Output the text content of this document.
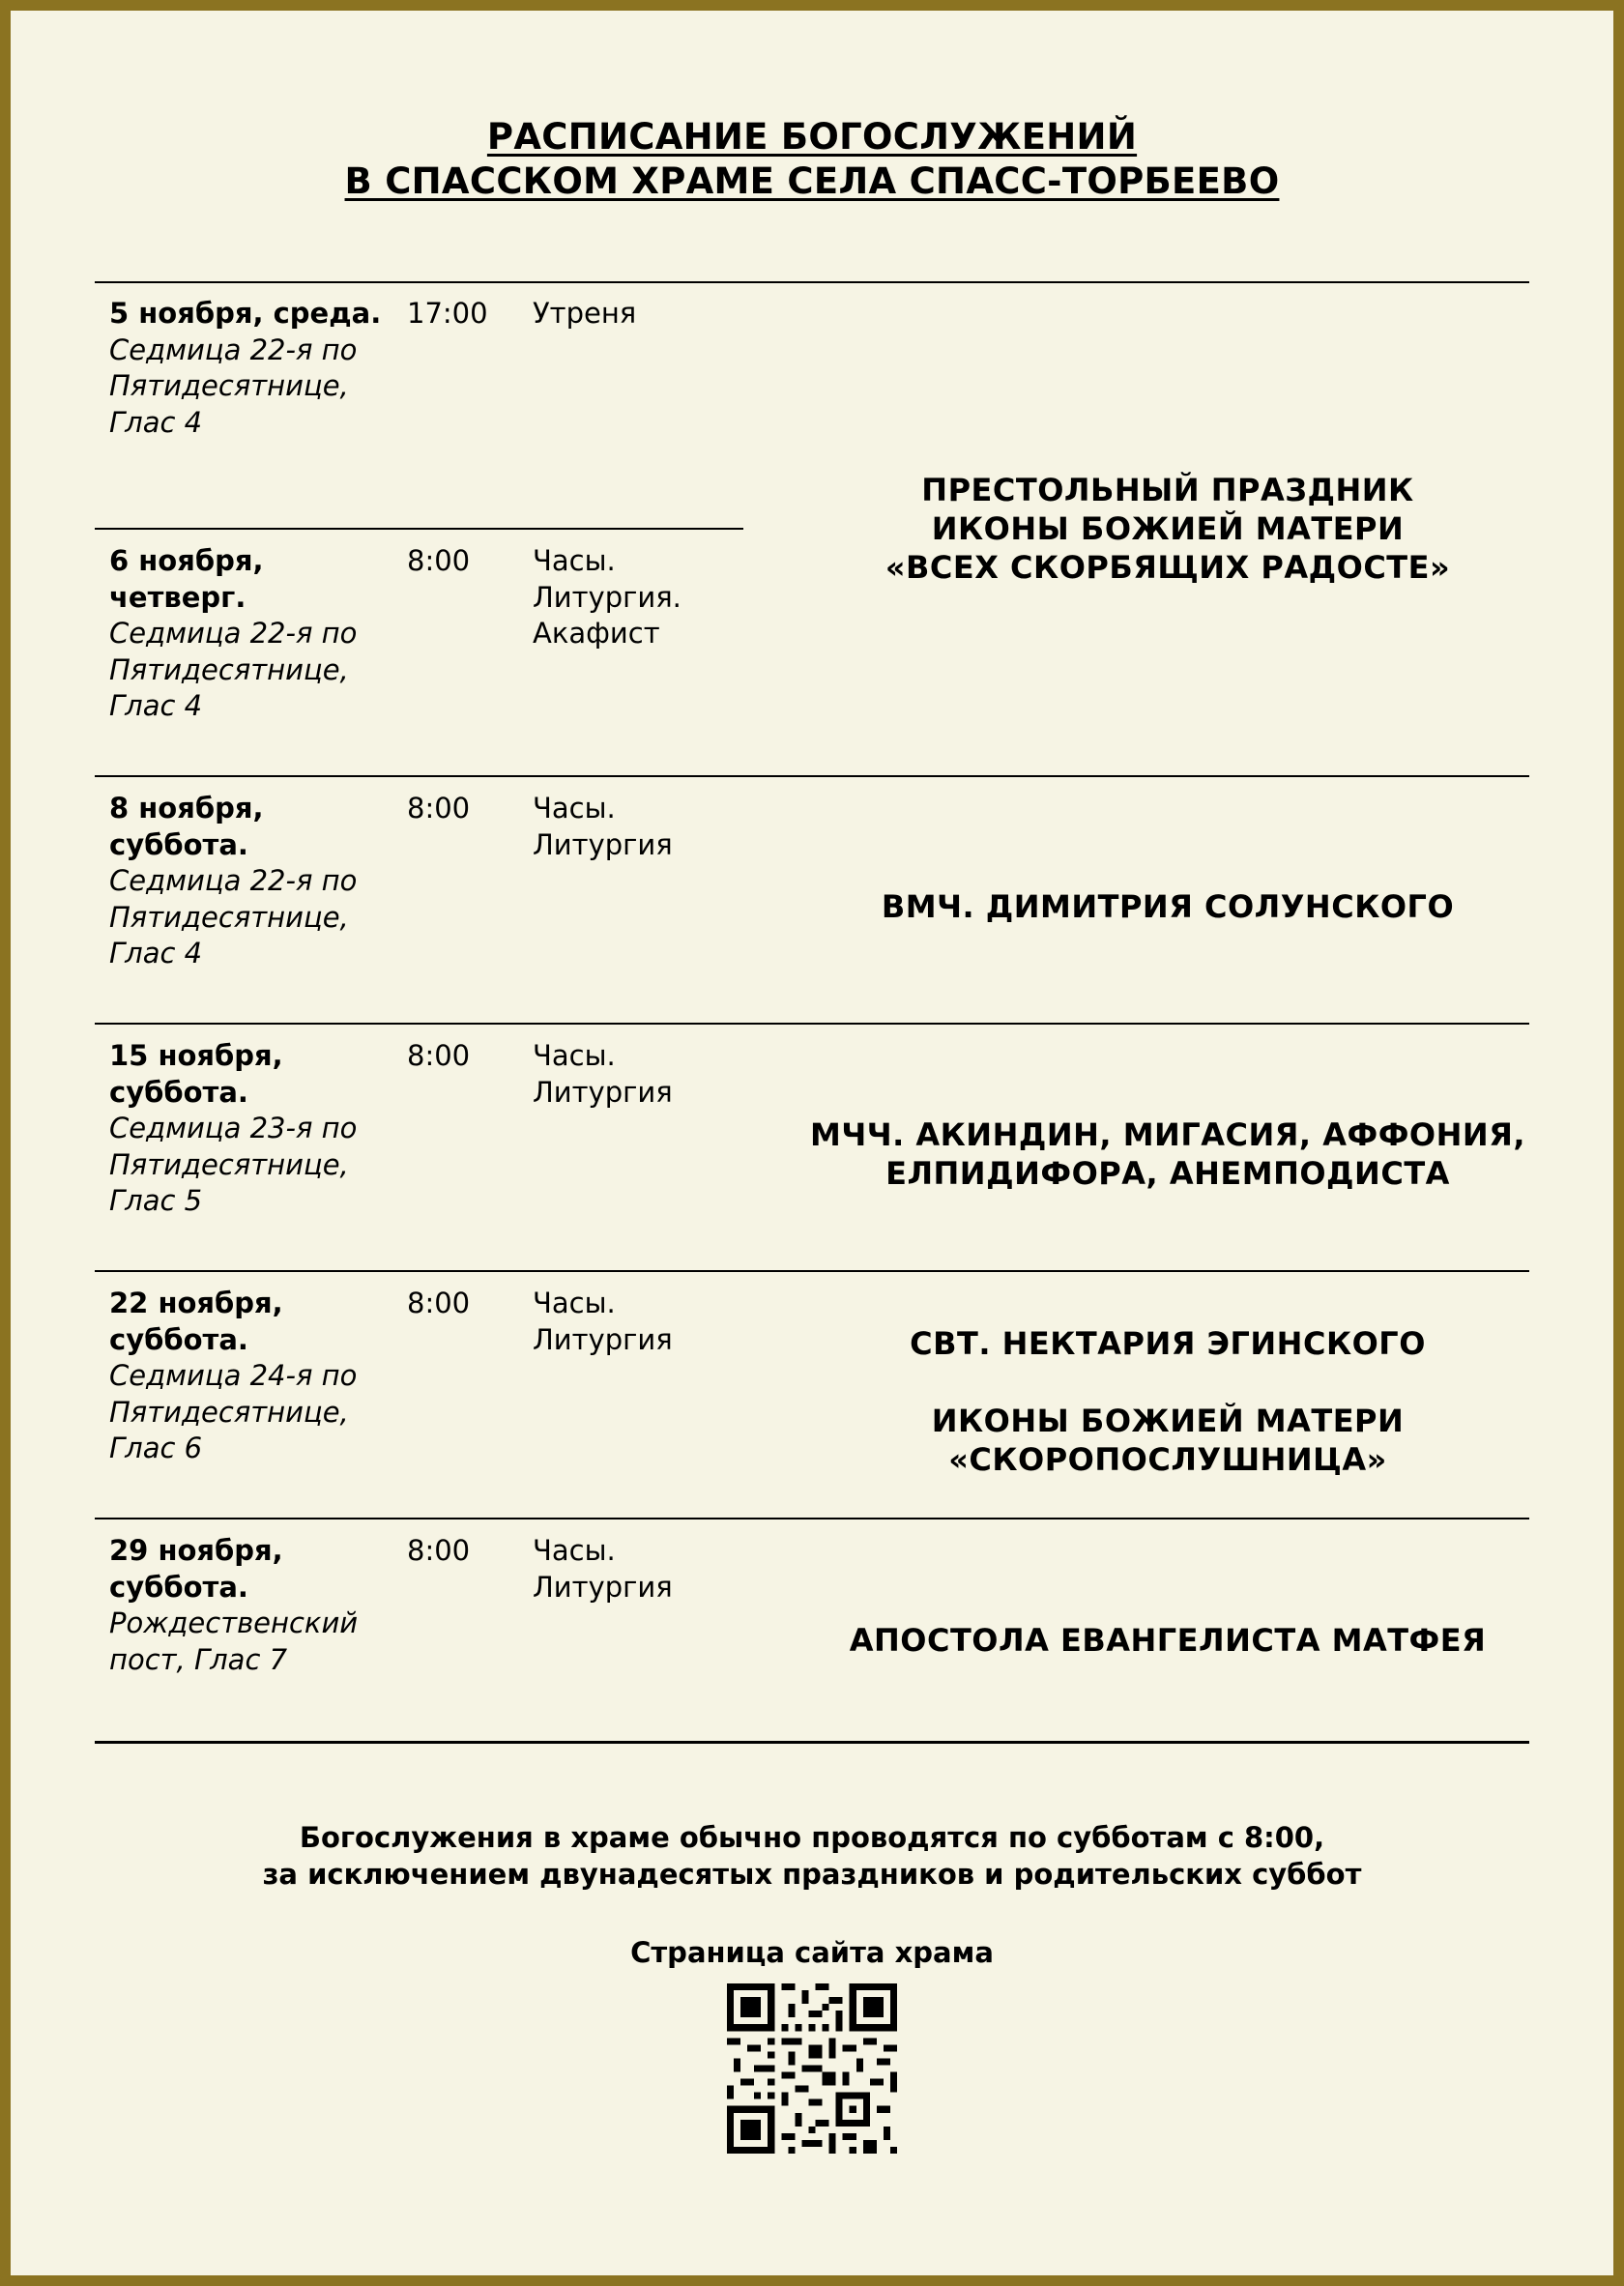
РАСПИСАНИЕ БОГОСЛУЖЕНИЙ
В СПАССКОМ ХРАМЕ СЕЛА СПАСС-ТОРБЕЕВО
5 ноября, среда.
Седмица 22-я по Пятидесятнице, Глас 4
17:00 Утреня
6 ноября, четверг.
Седмица 22-я по Пятидесятнице, Глас 4
8:00 Часы.
Литургия.
Акафист
ПРЕСТОЛЬНЫЙ ПРАЗДНИК
ИКОНЫ БОЖИЕЙ МАТЕРИ
«ВСЕХ СКОРБЯЩИХ РАДОСТЕ»
8 ноября, суббота.
Седмица 22-я по Пятидесятнице, Глас 4
8:00 Часы.
Литургия
ВМЧ. ДИМИТРИЯ СОЛУНСКОГО
15 ноября, суббота.
Седмица 23-я по Пятидесятнице, Глас 5
8:00 Часы.
Литургия
МЧЧ. АКИНДИН, МИГАСИЯ, АФФОНИЯ,
ЕЛПИДИФОРА, АНЕМПОДИСТА
22 ноября, суббота.
Седмица 24-я по Пятидесятнице, Глас 6
8:00 Часы.
Литургия	СВТ. НЕКТАРИЯ ЭГИНСКОГО
ИКОНЫ БОЖИЕЙ МАТЕРИ
«СКОРОПОСЛУШНИЦА»
29 ноября, суббота.
Рождественский пост, Глас 7
8:00 Часы.
Литургия
АПОСТОЛА ЕВАНГЕЛИСТА МАТФЕЯ
Богослужения в храме обычно проводятся по субботам с 8:00,
за исключением двунадесятых праздников и родительских суббот
Страница сайта храма
